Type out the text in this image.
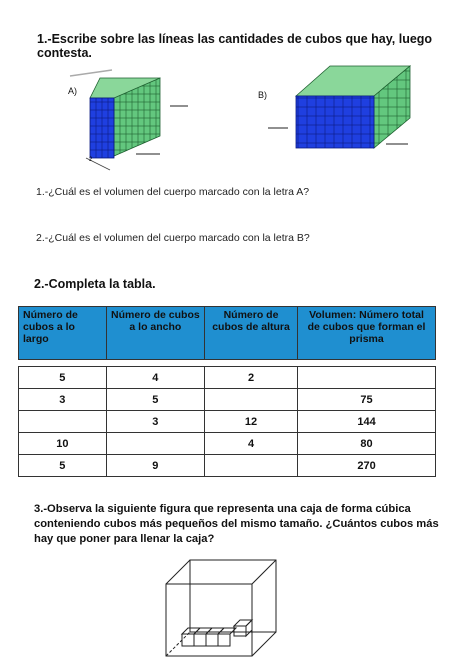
1.-Escribe sobre las líneas las cantidades de cubos que hay, luego contesta.
A)
2
B)
1.-¿Cuál es el volumen del cuerpo marcado con la letra A?
2.-¿Cuál es el volumen del cuerpo marcado con la letra B?
2.-Completa la tabla.
Número de cubos a lo largo	Número de cubos a lo ancho	Número de cubos de altura	Volumen: Número total de cubos que forman el prisma

5	4	2	
3	5		75
	3	12	144
10		4	80
5	9		270
3.-Observa la siguiente figura que representa una caja de forma cúbica conteniendo cubos más pequeños del mismo tamaño. ¿Cuántos cubos más hay que poner para llenar la caja?
